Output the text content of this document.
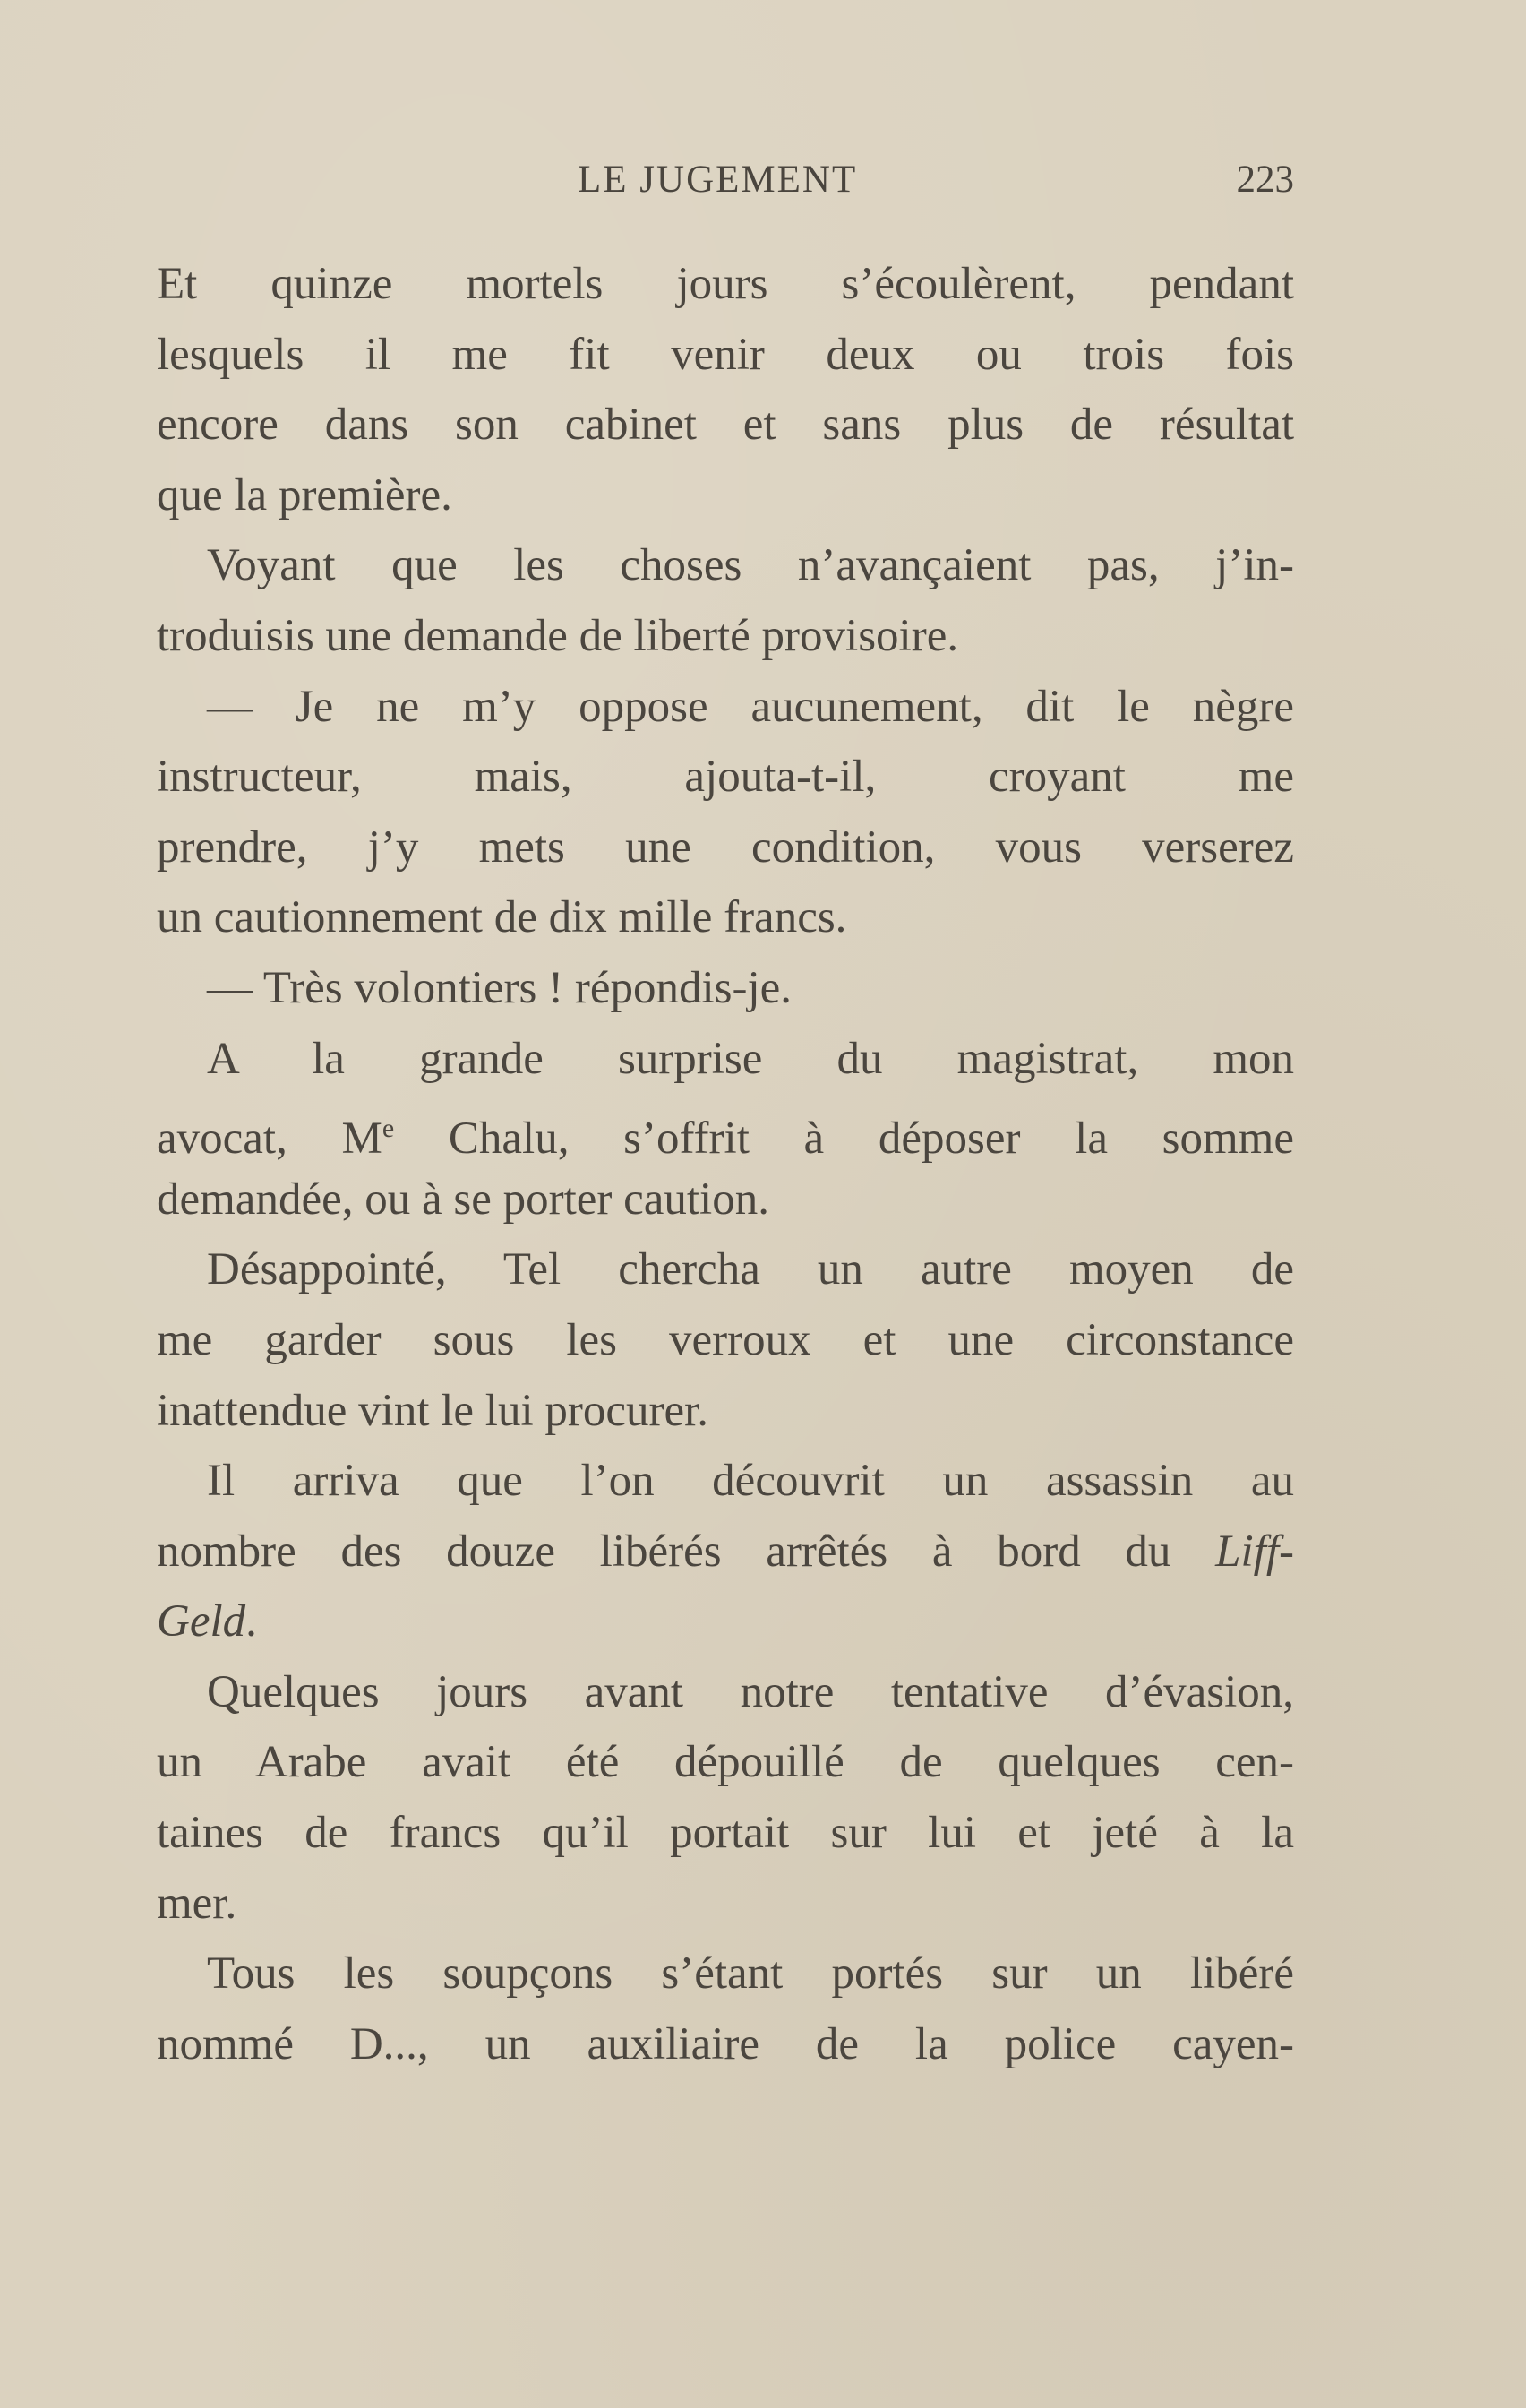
LE JUGEMENT	223
Et quinze mortels jours s’écoulèrent, pendant
lesquels il me fit venir deux ou trois fois
encore dans son cabinet et sans plus de résultat
que la première.
Voyant que les choses n’avançaient pas, j’in-
troduisis une demande de liberté provisoire.
— Je ne m’y oppose aucunement, dit le nègre
instructeur, mais, ajouta-t-il, croyant me
prendre, j’y mets une condition, vous verserez
un cautionnement de dix mille francs.
— Très volontiers ! répondis-je.
A la grande surprise du magistrat, mon
avocat, Me Chalu, s’offrit à déposer la somme
demandée, ou à se porter caution.
Désappointé, Tel chercha un autre moyen de
me garder sous les verroux et une circonstance
inattendue vint le lui procurer.
Il arriva que l’on découvrit un assassin au
nombre des douze libérés arrêtés à bord du Liff-
Geld.
Quelques jours avant notre tentative d’évasion,
un Arabe avait été dépouillé de quelques cen-
taines de francs qu’il portait sur lui et jeté à la
mer.
Tous les soupçons s’étant portés sur un libéré
nommé D..., un auxiliaire de la police cayen-
